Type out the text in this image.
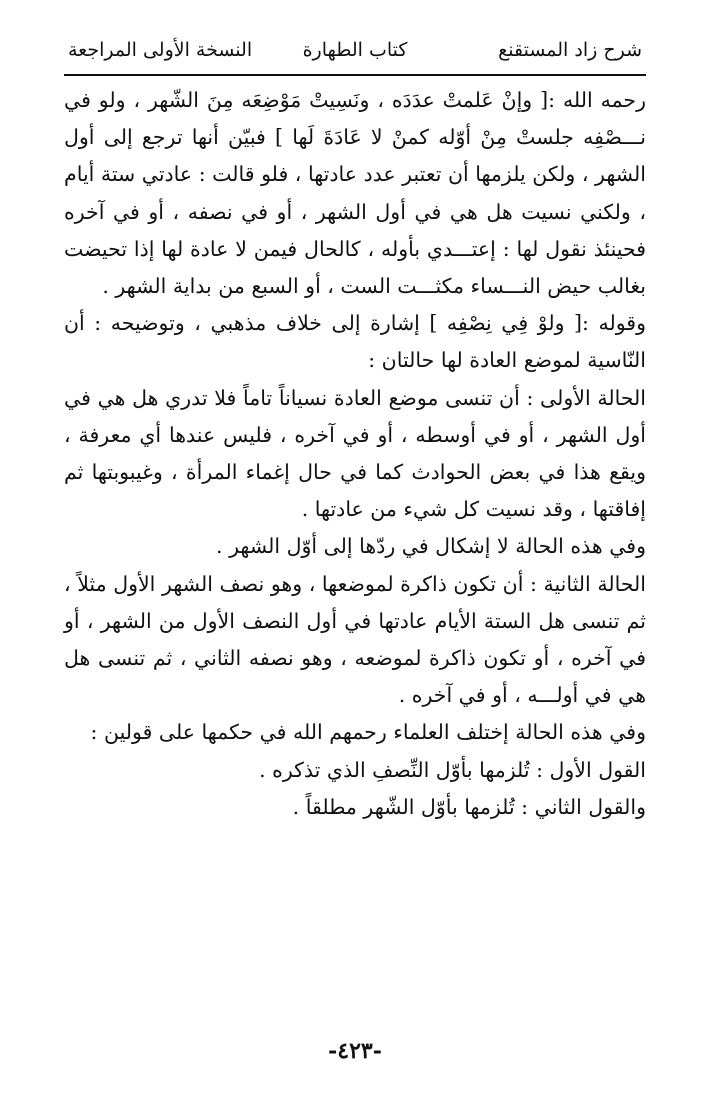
شرح زاد المستقنع
كتاب الطهارة
النسخة الأولى المراجعة

رحمه الله :[ وإنْ عَلمتْ عدَدَه ، ونَسِيتْ مَوْضِعَه مِنَ الشّهر ، ولو في نـــصْفِه جلستْ مِنْ أوّله كمنْ لا عَادَةَ لَها ] فبيّن أنها ترجع إلى أول الشهر ، ولكن يلزمها أن تعتبر عدد عادتها ، فلو قالت : عادتي ستة أيام ، ولكني نسيت هل هي في أول الشهر ، أو في نصفه ، أو في آخره فحينئذ نقول لها : إعتـــدي بأوله ، كالحال فيمن لا عادة لها إذا تحيضت بغالب حيض النـــساء مكثـــت الست ، أو السبع من بداية الشهر .

وقوله :[ ولوْ فِي نِصْفِه ] إشارة إلى خلاف مذهبي ، وتوضيحه : أن النّاسية لموضع العادة لها حالتان :

الحالة الأولى : أن تنسى موضع العادة نسياناً تاماً فلا تدري هل هي في أول الشهر ، أو في أوسطه ، أو في آخره ، فليس عندها أي معرفة ، ويقع هذا في بعض الحوادث كما في حال إغماء المرأة ، وغيبوبتها ثم إفاقتها ، وقد نسيت كل شيء من عادتها .

وفي هذه الحالة لا إشكال في ردّها إلى أوّل الشهر .

الحالة الثانية : أن تكون ذاكرة لموضعها ، وهو نصف الشهر الأول مثلاً ، ثم تنسى هل الستة الأيام عادتها في أول النصف الأول من الشهر ، أو في آخره ، أو تكون ذاكرة لموضعه ، وهو نصفه الثاني ، ثم تنسى هل هي في أولـــه ، أو في آخره .

وفي هذه الحالة إختلف العلماء رحمهم الله في حكمها على قولين :

القول الأول : تُلزمها بأوّل النِّصفِ الذي تذكره .

والقول الثاني : تُلزمها بأوّل الشّهر مطلقاً .

-٤٢٣-
